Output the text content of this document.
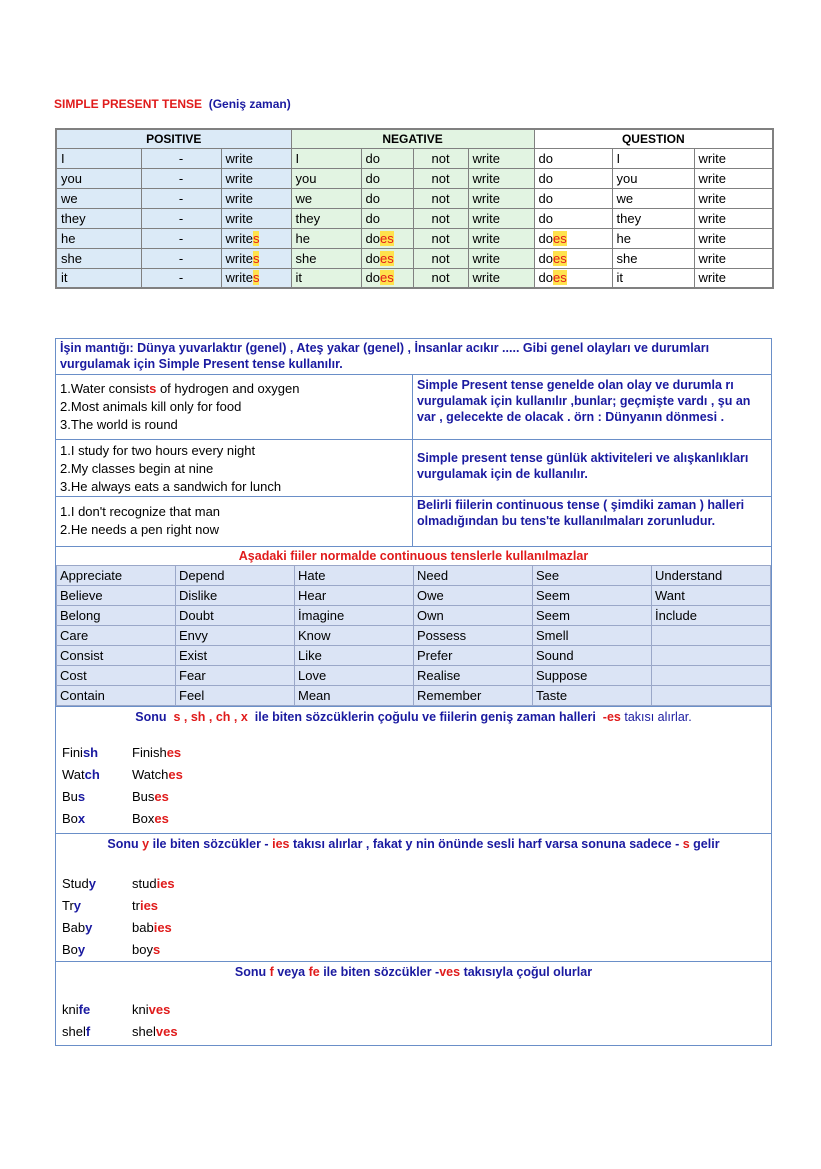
SIMPLE PRESENT TENSE (Geniş zaman)
POSITIVE			NEGATIVE				QUESTION		
I	-	write	I	do	not	write	do	I	write
you	-	write	you	do	not	write	do	you	write
we	-	write	we	do	not	write	do	we	write
they	-	write	they	do	not	write	do	they	write
he	-	writes	he	does	not	write	does	he	write
she	-	writes	she	does	not	write	does	she	write
it	-	writes	it	does	not	write	does	it	write
İşin mantığı: Dünya yuvarlaktır (genel) , Ateş yakar (genel) , İnsanlar acıkır ..... Gibi genel olayları ve durumları vurgulamak için Simple Present tense kullanılır.
1.Water consists of hydrogen and oxygen
2.Most animals kill only for food
3.The world is round
Simple Present tense genelde olan olay ve durumla rı vurgulamak için kullanılır ,bunlar; geçmişte vardı , şu an var , gelecekte de olacak . örn : Dünyanın dönmesi .
1.I study for two hours every night
2.My classes begin at nine
3.He always eats a sandwich for lunch
Simple present tense günlük aktiviteleri ve alışkanlıkları vurgulamak için de kullanılır.
1.I don't recognize that man
2.He needs a pen right now
Belirli fiilerin continuous tense ( şimdiki zaman ) halleri olmadığından bu tens'te kullanılmaları zorunludur.
Aşadaki fiiler normalde continuous tenslerle kullanılmazlar
Appreciate	Depend	Hate	Need	See	Understand
Believe	Dislike	Hear	Owe	Seem	Want
Belong	Doubt	İmagine	Own	Seem	İnclude
Care	Envy	Know	Possess	Smell	
Consist	Exist	Like	Prefer	Sound	
Cost	Fear	Love	Realise	Suppose	
Contain	Feel	Mean	Remember	Taste	
Sonu s , sh , ch , x ile biten sözcüklerin çoğulu ve fiilerin geniş zaman halleri -es takısı alırlar.
Finish	Finishes
Watch	Watches
Bus	Buses
Box	Boxes
Sonu y ile biten sözcükler - ies takısı alırlar , fakat y nin önünde sesli harf varsa sonuna sadece - s gelir
Study	studies
Try	tries
Baby	babies
Boy	boys
Sonu f veya fe ile biten sözcükler -ves takısıyla çoğul olurlar
knife	knives
shelf	shelves
